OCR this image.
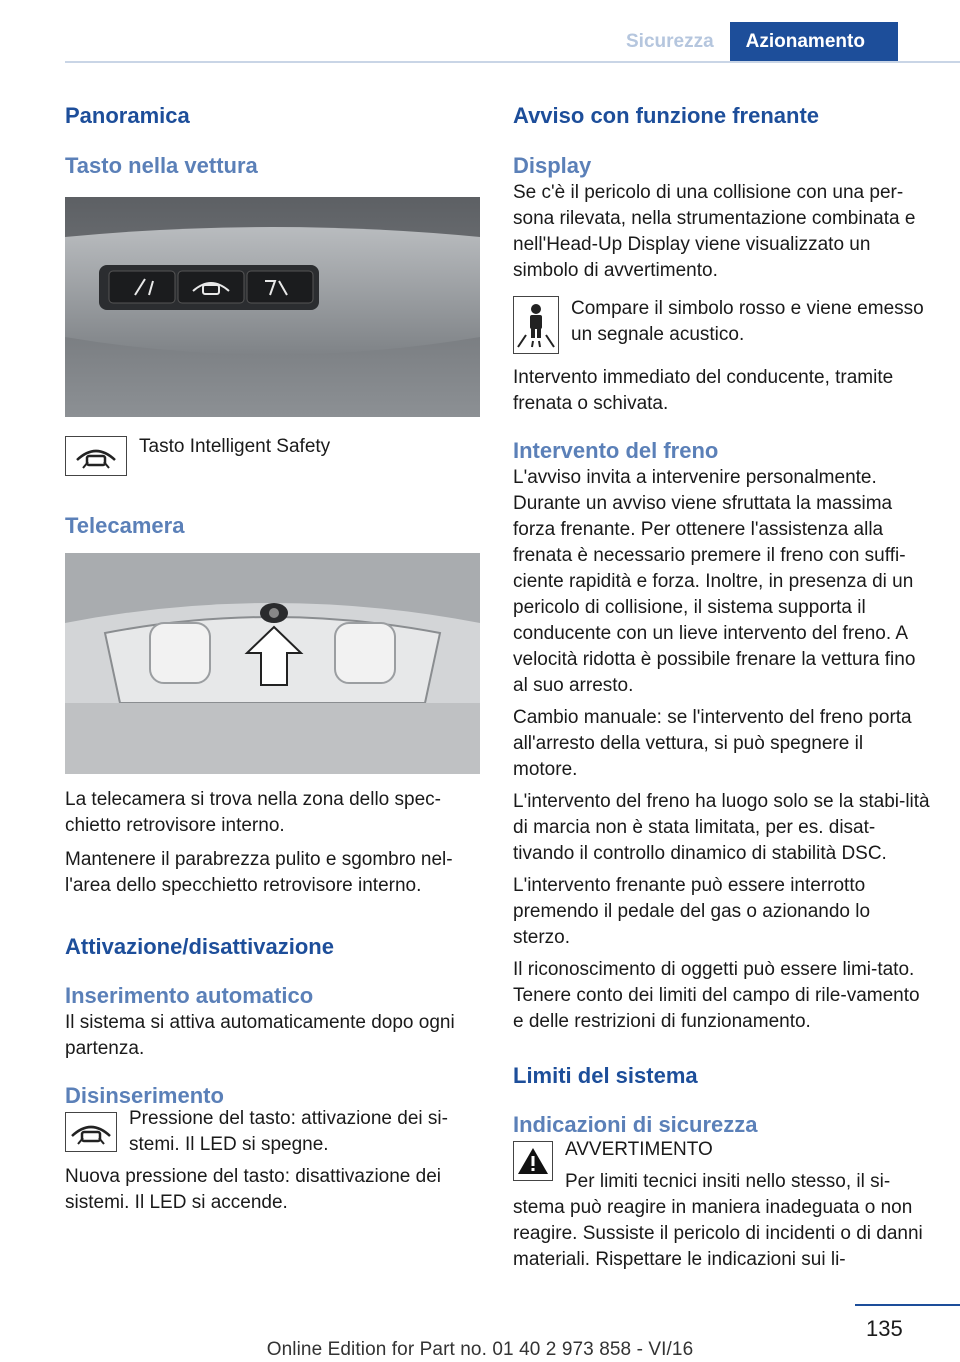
Sicurezza	Azionamento
Panoramica
Tasto nella vettura
Tasto Intelligent Safety
Telecamera

La telecamera si trova nella zona dello spec-chietto retrovisore interno.

Mantenere il parabrezza pulito e sgombro nel-l'area dello specchietto retrovisore interno.

Attivazione/disattivazione
Inserimento automatico

Il sistema si attiva automaticamente dopo ogni partenza.

Disinserimento
Pressione del tasto: attivazione dei si-stemi. Il LED si spegne.

Nuova pressione del tasto: disattivazione dei sistemi. Il LED si accende.

Avviso con funzione frenante
Display

Se c'è il pericolo di una collisione con una per-sona rilevata, nella strumentazione combinata e nell'Head-Up Display viene visualizzato un simbolo di avvertimento.

Compare il simbolo rosso e viene emesso un segnale acustico.

Intervento immediato del conducente, tramite frenata o schivata.

Intervento del freno

L'avviso invita a intervenire personalmente. Durante un avviso viene sfruttata la massima forza frenante. Per ottenere l'assistenza alla frenata è necessario premere il freno con suffi-ciente rapidità e forza. Inoltre, in presenza di un pericolo di collisione, il sistema supporta il conducente con un lieve intervento del freno. A velocità ridotta è possibile frenare la vettura fino al suo arresto.

Cambio manuale: se l'intervento del freno porta all'arresto della vettura, si può spegnere il motore.

L'intervento del freno ha luogo solo se la stabi-lità di marcia non è stata limitata, per es. disat-tivando il controllo dinamico di stabilità DSC.

L'intervento frenante può essere interrotto premendo il pedale del gas o azionando lo sterzo.

Il riconoscimento di oggetti può essere limi-tato. Tenere conto dei limiti del campo di rile-vamento e delle restrizioni di funzionamento.

Limiti del sistema
Indicazioni di sicurezza
AVVERTIMENTO

Per limiti tecnici insiti nello stesso, il si-stema può reagire in maniera inadeguata o non reagire. Sussiste il pericolo di incidenti o di danni materiali. Rispettare le indicazioni sui li-

135
Online Edition for Part no. 01 40 2 973 858 - VI/16
